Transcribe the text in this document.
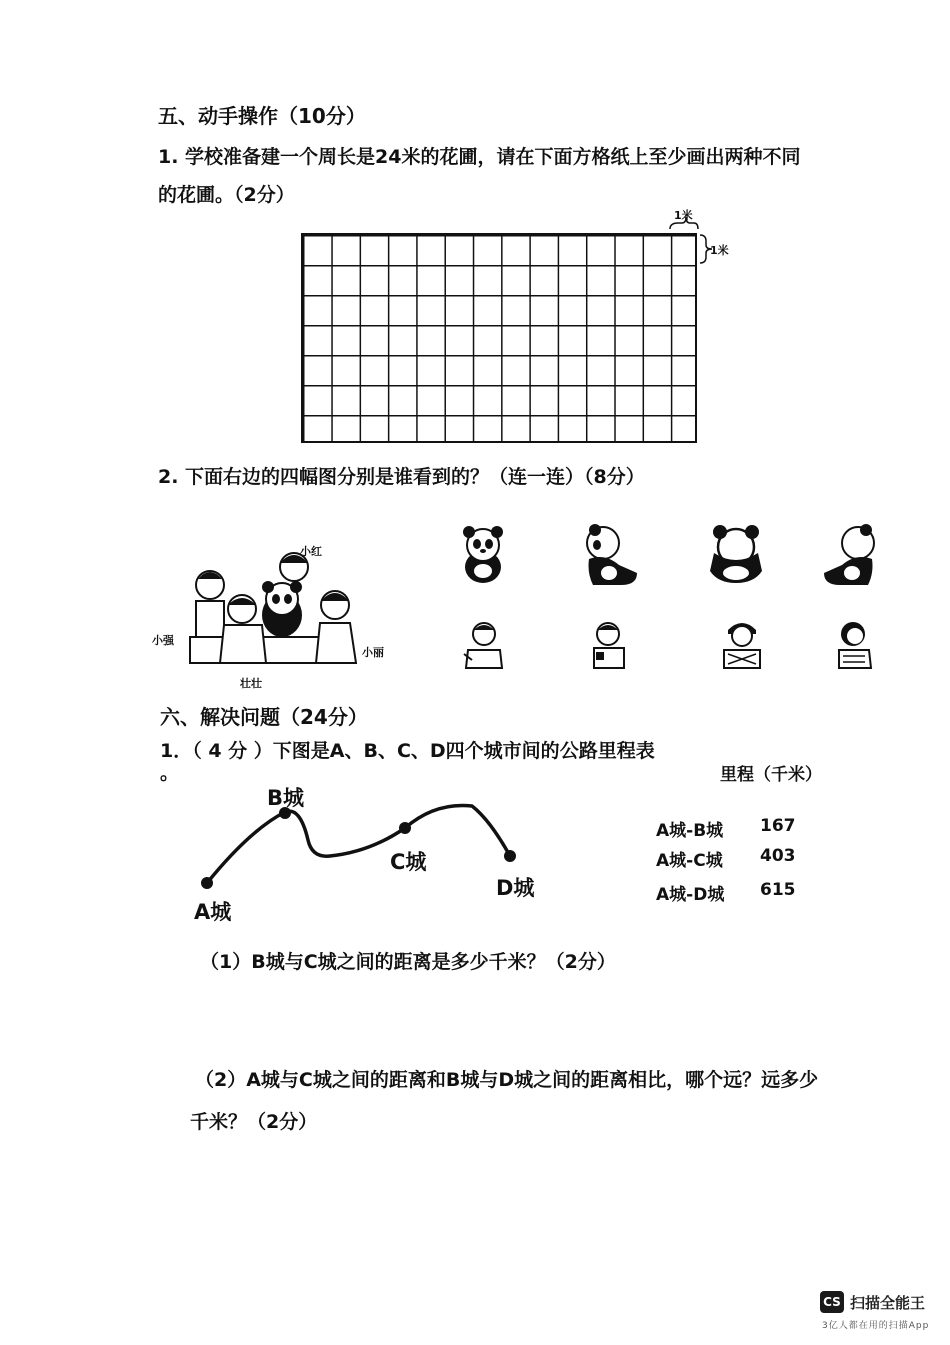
五、动手操作（10分）
1. 学校准备建一个周长是24米的花圃，请在下面方格纸上至少画出两种不同
的花圃。（2分）
1米
1米
2. 下面右边的四幅图分别是谁看到的？（连一连）（8分）
小红
小强
小丽
壮壮
六、解决问题（24分）
1．（ 4 分 ）下图是A、B、C、D四个城市间的公路里程表
。
A城
B城
C城
D城
里程（千米）
A城-B城 167
A城-C城 403
A城-D城 615
（1）B城与C城之间的距离是多少千米？（2分）
（2）A城与C城之间的距离和B城与D城之间的距离相比，哪个远？远多少
千米？（2分）
CS 扫描全能王
3亿人都在用的扫描App
